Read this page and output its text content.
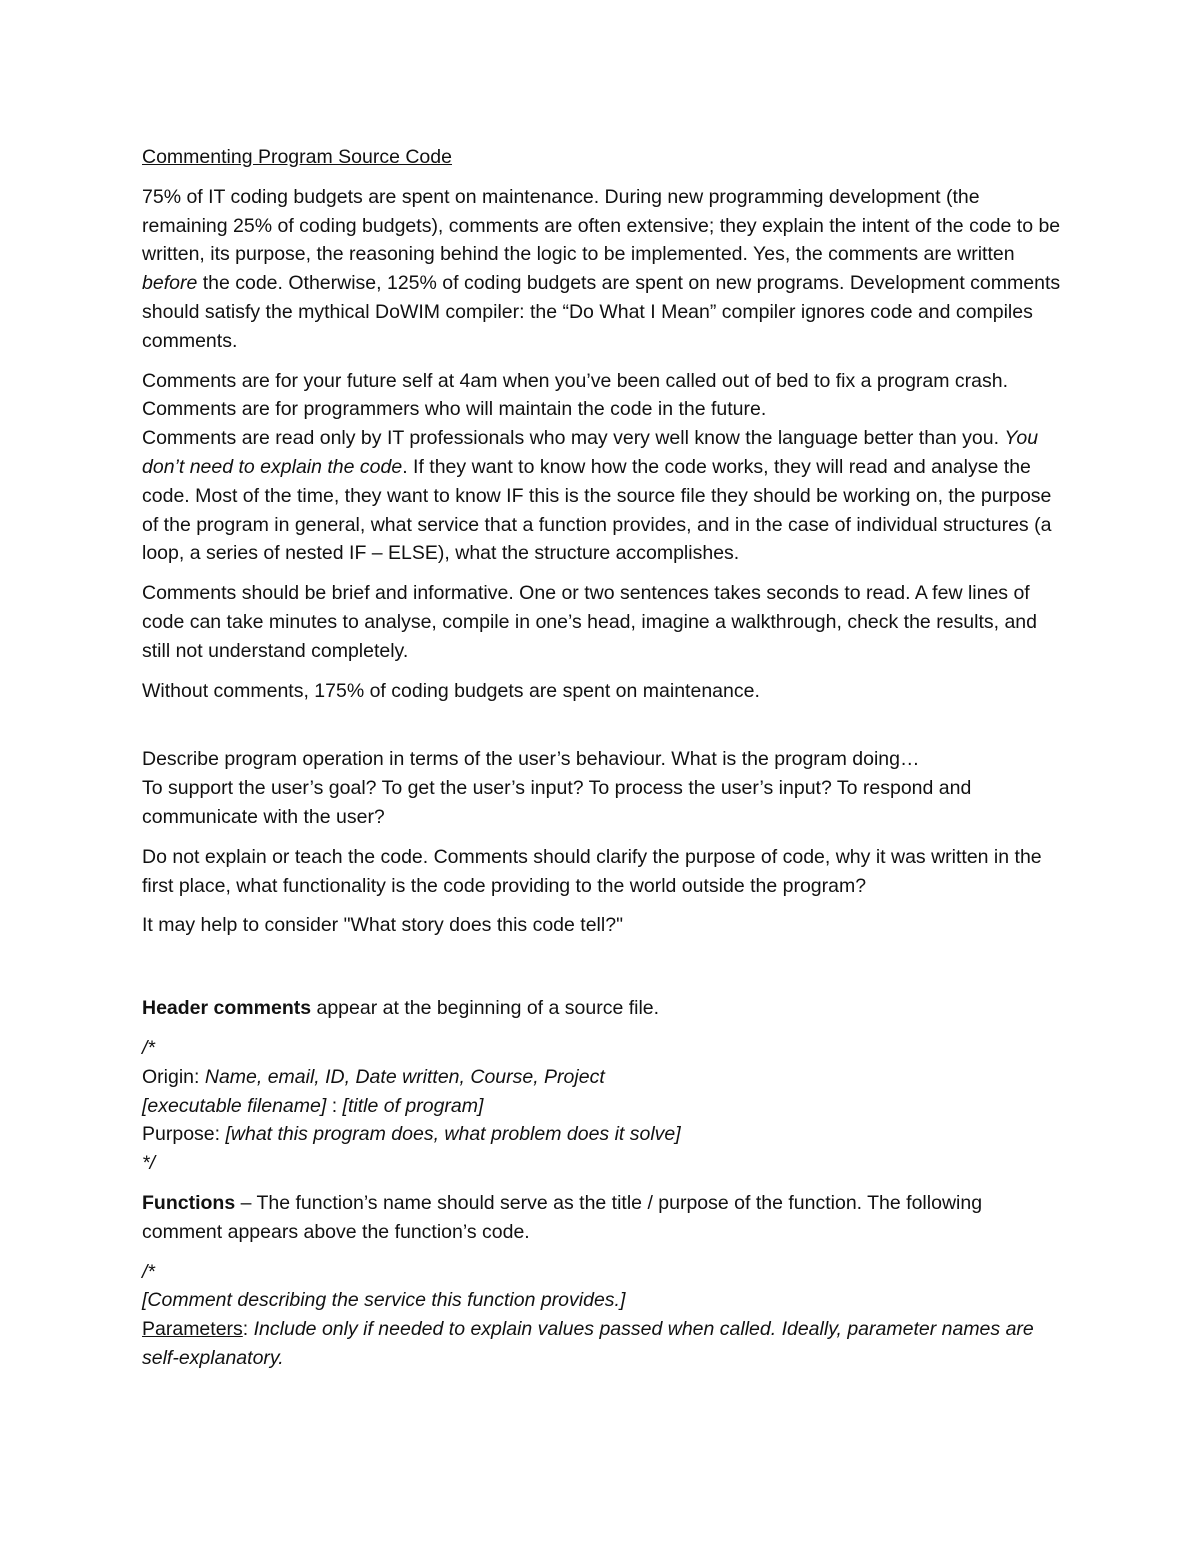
Commenting Program Source Code

75% of IT coding budgets are spent on maintenance. During new programming development (the remaining 25% of coding budgets), comments are often extensive; they explain the intent of the code to be written, its purpose, the reasoning behind the logic to be implemented. Yes, the comments are written before the code. Otherwise, 125% of coding budgets are spent on new programs. Development comments should satisfy the mythical DoWIM compiler: the “Do What I Mean” compiler ignores code and compiles comments.

Comments are for your future self at 4am when you’ve been called out of bed to fix a program crash.

Comments are for programmers who will maintain the code in the future.

Comments are read only by IT professionals who may very well know the language better than you. You don’t need to explain the code. If they want to know how the code works, they will read and analyse the code. Most of the time, they want to know IF this is the source file they should be working on, the purpose of the program in general, what service that a function provides, and in the case of individual structures (a loop, a series of nested IF – ELSE), what the structure accomplishes.

Comments should be brief and informative. One or two sentences takes seconds to read. A few lines of code can take minutes to analyse, compile in one’s head, imagine a walkthrough, check the results, and still not understand completely.

Without comments, 175% of coding budgets are spent on maintenance.

Describe program operation in terms of the user’s behaviour. What is the program doing…

To support the user’s goal? To get the user’s input? To process the user’s input? To respond and communicate with the user?

Do not explain or teach the code. Comments should clarify the purpose of code, why it was written in the first place, what functionality is the code providing to the world outside the program?

It may help to consider "What story does this code tell?"

Header comments appear at the beginning of a source file.

/*

Origin: Name, email, ID, Date written, Course, Project

[executable filename] : [title of program]

Purpose: [what this program does, what problem does it solve]

*/

Functions – The function’s name should serve as the title / purpose of the function. The following comment appears above the function’s code.

/*

[Comment describing the service this function provides.]

Parameters: Include only if needed to explain values passed when called. Ideally, parameter names are self-explanatory.
